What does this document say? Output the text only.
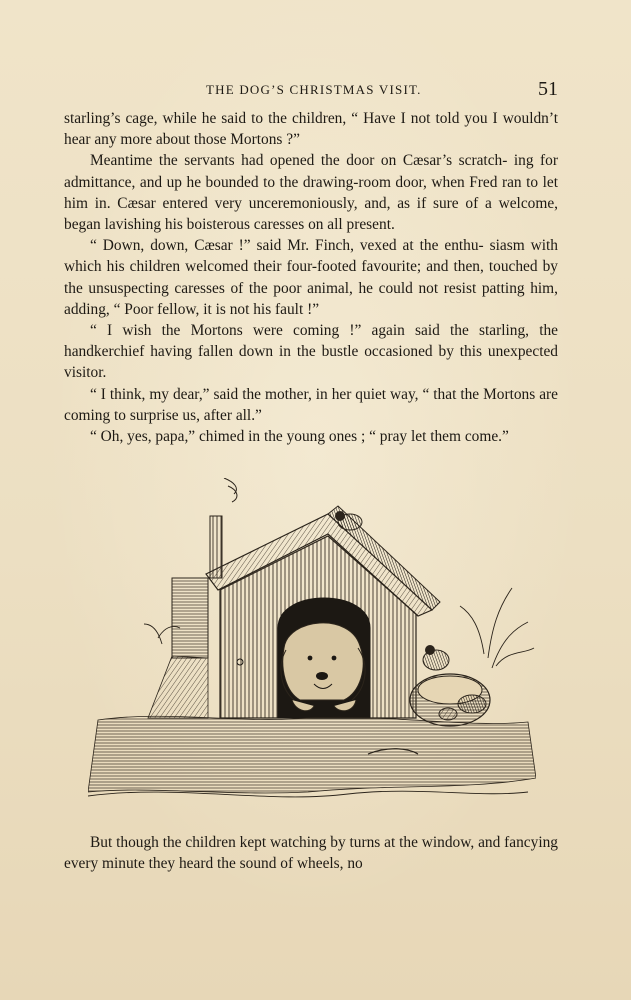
THE DOG’S CHRISTMAS VISIT.	51

starling’s cage, while he said to the children, “ Have I not told you I wouldn’t hear any more about those Mortons ?”

Meantime the servants had opened the door on Cæsar’s scratch- ing for admittance, and up he bounded to the drawing-room door, when Fred ran to let him in. Cæsar entered very unceremoniously, and, as if sure of a welcome, began lavishing his boisterous caresses on all present.

“ Down, down, Cæsar !” said Mr. Finch, vexed at the enthu- siasm with which his children welcomed their four-footed favourite; and then, touched by the unsuspecting caresses of the poor animal, he could not resist patting him, adding, “ Poor fellow, it is not his fault !”

“ I wish the Mortons were coming !” again said the starling, the handkerchief having fallen down in the bustle occasioned by this unexpected visitor.

“ I think, my dear,” said the mother, in her quiet way, “ that the Mortons are coming to surprise us, after all.”

“ Oh, yes, papa,” chimed in the young ones ; “ pray let them come.”

But though the children kept watching by turns at the window, and fancying every minute they heard the sound of wheels, no
